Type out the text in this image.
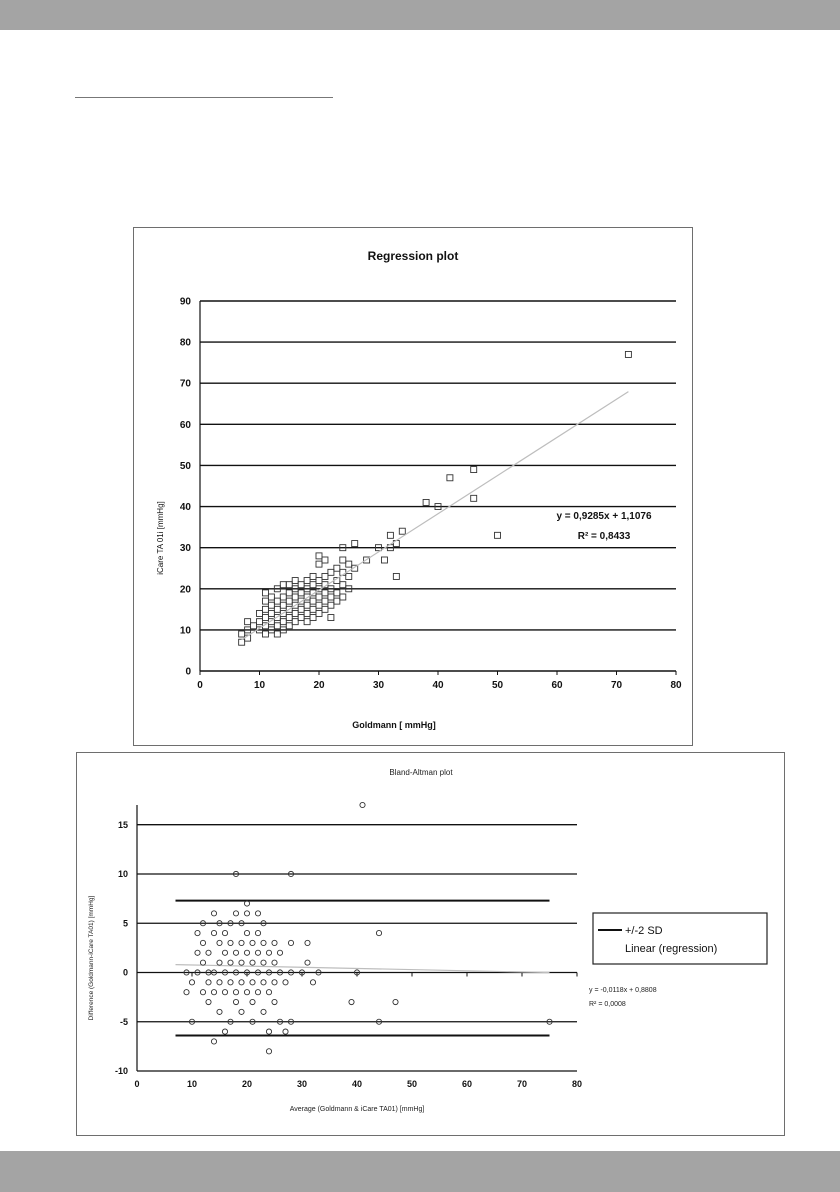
Regression plot
0
10
20
30
40
50
60
70
80
90
0	10	20	30	40	50	60	70	80
y = 0,9285x + 1,1076
R² = 0,8433
iCare TA 01i [mmHg]
Goldmann [ mmHg]
Bland-Altman plot
-10
-5
0
5
10
15
0	10	20	30	40	50	60	70	80
+/-2 SD
Linear (regression)
y = -0,0118x + 0,8808
R² = 0,0008
Difference (Goldmann-iCare TA01) [mmHg]
Average (Goldmann & iCare TA01) [mmHg]
